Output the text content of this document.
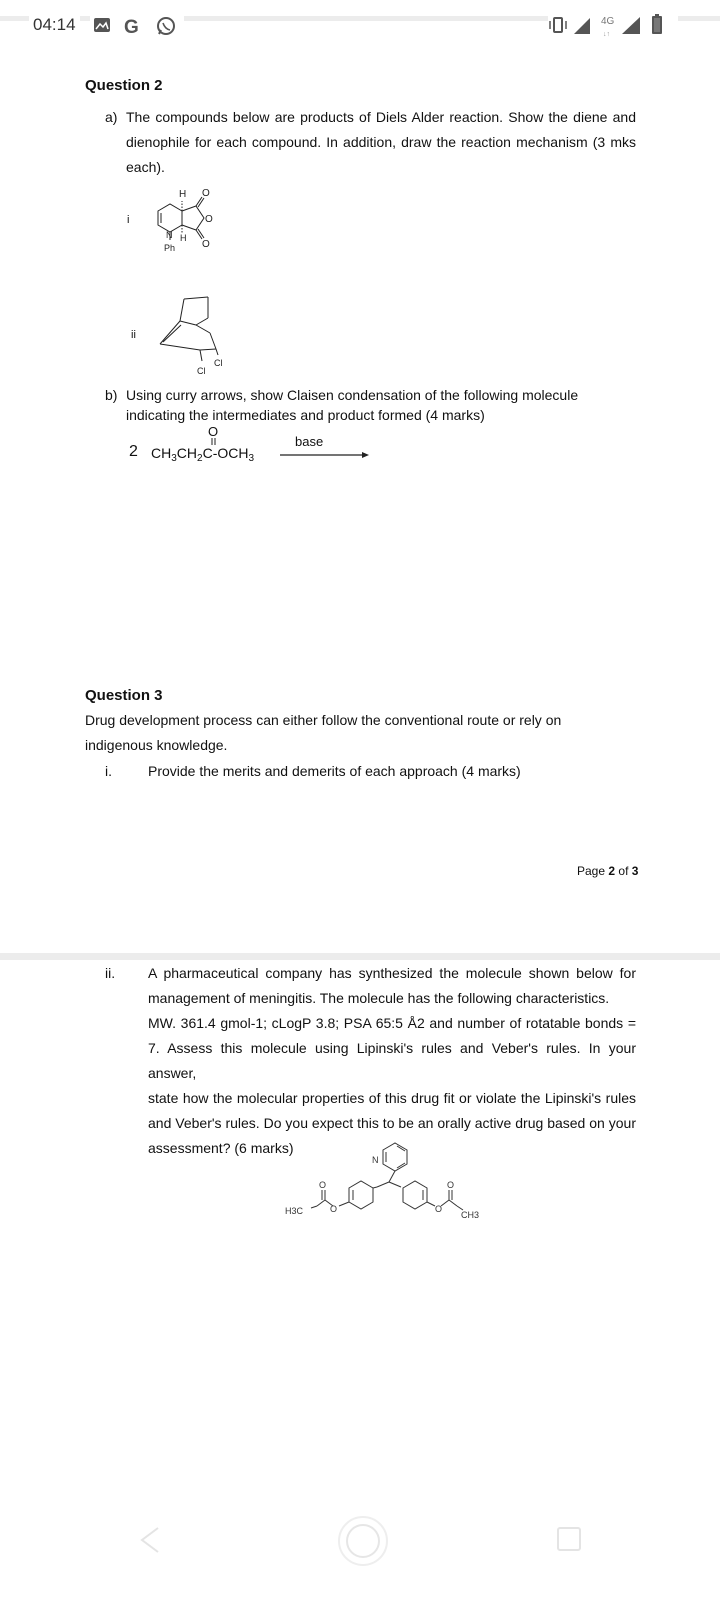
04:14	G	4G
↓↑
Question 2
a) The compounds below are products of Diels Alder reaction. Show the diene and
dienophile for each compound. In addition, draw the reaction mechanism (3 mks
each).
i
H O
O
O
N H
Ph
ii
Cl
Cl
b) Using curry arrows, show Claisen condensation of the following molecule
indicating the intermediates and product formed (4 marks)
2 $CH_3CH_2C-OCH_3$
O
base
Question 3
Drug development process can either follow the conventional route or rely on
indigenous knowledge.
i.	Provide the merits and demerits of each approach (4 marks)
Page 2 of 3
ii. A pharmaceutical company has synthesized the molecule shown below for
management of meningitis. The molecule has the following characteristics.
MW. 361.4 gmol-1; cLogP 3.8; PSA 65:5 Å2 and number of rotatable bonds =
7. Assess this molecule using Lipinski's rules and Veber's rules. In your answer,
state how the molecular properties of this drug fit or violate the Lipinski's rules
and Veber's rules. Do you expect this to be an orally active drug based on your
assessment? (6 marks)
N
H3C	CH3
O
O
O
O
